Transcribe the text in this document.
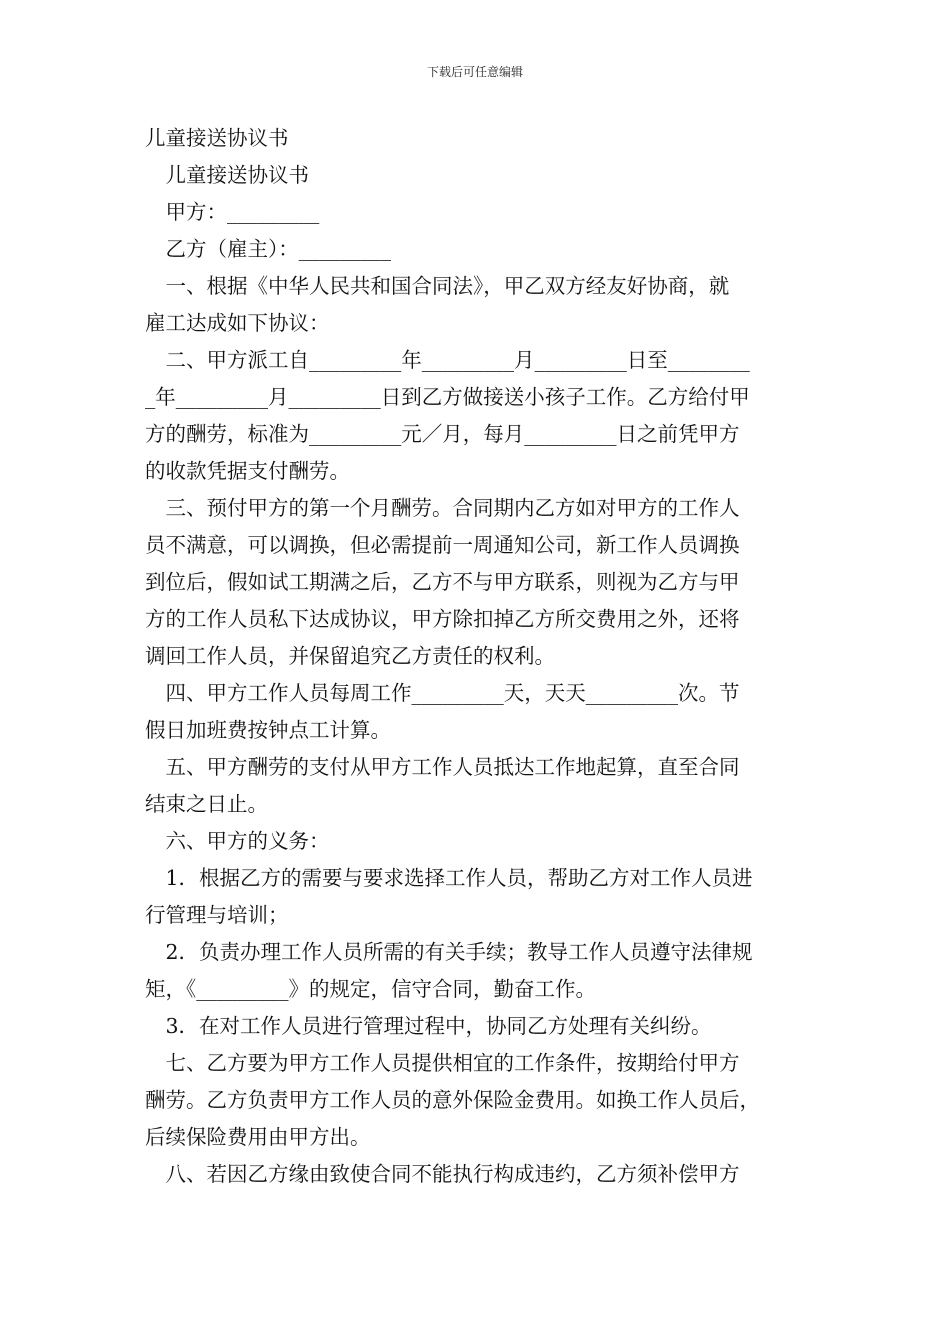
下载后可任意编辑
儿童接送协议书
　儿童接送协议书
　甲方：_________
　乙方（雇主）：_________
　一、根据《中华人民共和国合同法》，甲乙双方经友好协商，就
雇工达成如下协议：
　二、甲方派工自_________年_________月_________日至________
_年_________月_________日到乙方做接送小孩子工作。乙方给付甲
方的酬劳，标准为_________元／月，每月_________日之前凭甲方
的收款凭据支付酬劳。
　三、预付甲方的第一个月酬劳。合同期内乙方如对甲方的工作人
员不满意，可以调换，但必需提前一周通知公司，新工作人员调换
到位后，假如试工期满之后，乙方不与甲方联系，则视为乙方与甲
方的工作人员私下达成协议，甲方除扣掉乙方所交费用之外，还将
调回工作人员，并保留追究乙方责任的权利。
　四、甲方工作人员每周工作_________天，天天_________次。节
假日加班费按钟点工计算。
　五、甲方酬劳的支付从甲方工作人员抵达工作地起算，直至合同
结束之日止。
　六、甲方的义务：
　1．根据乙方的需要与要求选择工作人员，帮助乙方对工作人员进
行管理与培训；
　2．负责办理工作人员所需的有关手续；教导工作人员遵守法律规
矩，《_________》的规定，信守合同，勤奋工作。
　3．在对工作人员进行管理过程中，协同乙方处理有关纠纷。
　七、乙方要为甲方工作人员提供相宜的工作条件，按期给付甲方
酬劳。乙方负责甲方工作人员的意外保险金费用。如换工作人员后，
后续保险费用由甲方出。
　八、若因乙方缘由致使合同不能执行构成违约，乙方须补偿甲方
